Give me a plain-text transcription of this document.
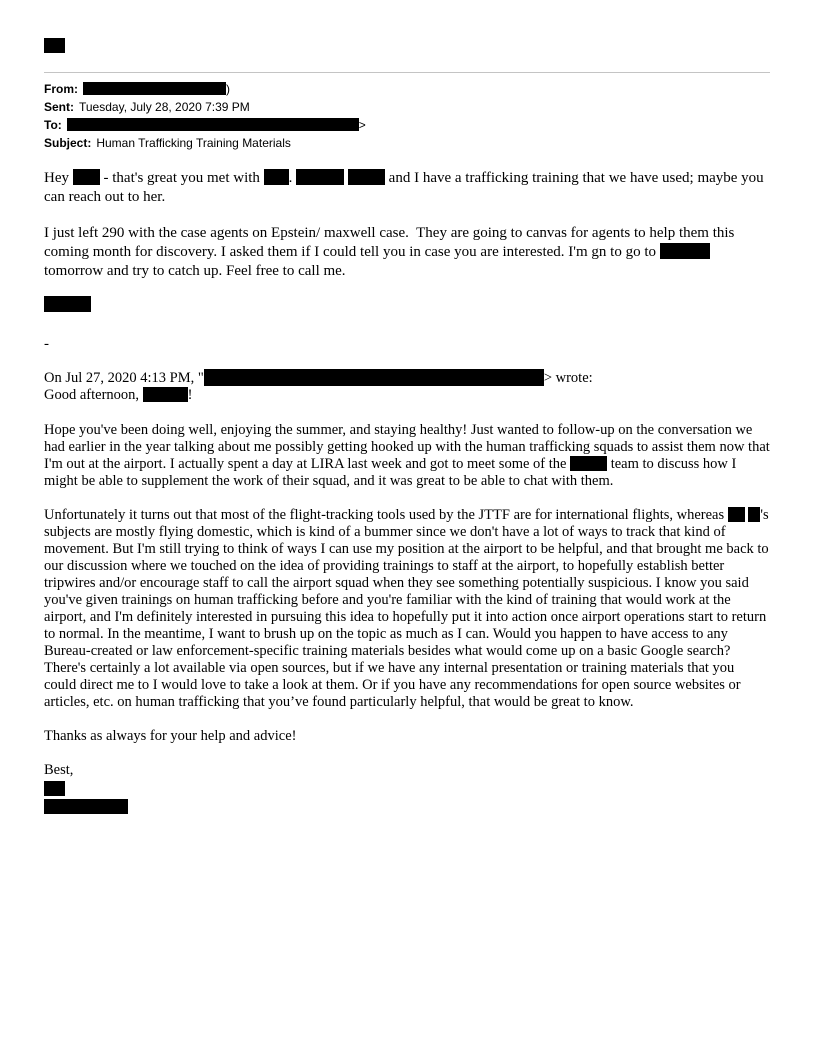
From:	)

Sent: Tuesday, July 28, 2020 7:39 PM

To:	>

Subject: Human Trafficking Training Materials

Hey  - that's great you met with .	and I have a trafficking training that we have used; maybe you can reach out to her.

I just left 290 with the case agents on Epstein/ maxwell case.  They are going to canvas for agents to help them this coming month for discovery. I asked them if I could tell you in case you are interested. I'm gn to go to  tomorrow and try to catch up. Feel free to call me.

-

On Jul 27, 2020 4:13 PM, "	> wrote:

Good afternoon,	!

Hope you've been doing well, enjoying the summer, and staying healthy! Just wanted to follow-up on the conversation we had earlier in the year talking about me possibly getting hooked up with the human trafficking squads to assist them now that I'm out at the airport. I actually spent a day at LIRA last week and got to meet some of the	team to discuss how I might be able to supplement the work of their squad, and it was great to be able to chat with them.

Unfortunately it turns out that most of the flight-tracking tools used by the JTTF are for international flights, whereas  's subjects are mostly flying domestic, which is kind of a bummer since we don't have a lot of ways to track that kind of movement. But I'm still trying to think of ways I can use my position at the airport to be helpful, and that brought me back to our discussion where we touched on the idea of providing trainings to staff at the airport, to hopefully establish better tripwires and/or encourage staff to call the airport squad when they see something potentially suspicious. I know you said you've given trainings on human trafficking before and you're familiar with the kind of training that would work at the airport, and I'm definitely interested in pursuing this idea to hopefully put it into action once airport operations start to return to normal. In the meantime, I want to brush up on the topic as much as I can. Would you happen to have access to any Bureau-created or law enforcement-specific training materials besides what would come up on a basic Google search? There's certainly a lot available via open sources, but if we have any internal presentation or training materials that you could direct me to I would love to take a look at them. Or if you have any recommendations for open source websites or articles, etc. on human trafficking that you’ve found particularly helpful, that would be great to know.

Thanks as always for your help and advice!

Best,
